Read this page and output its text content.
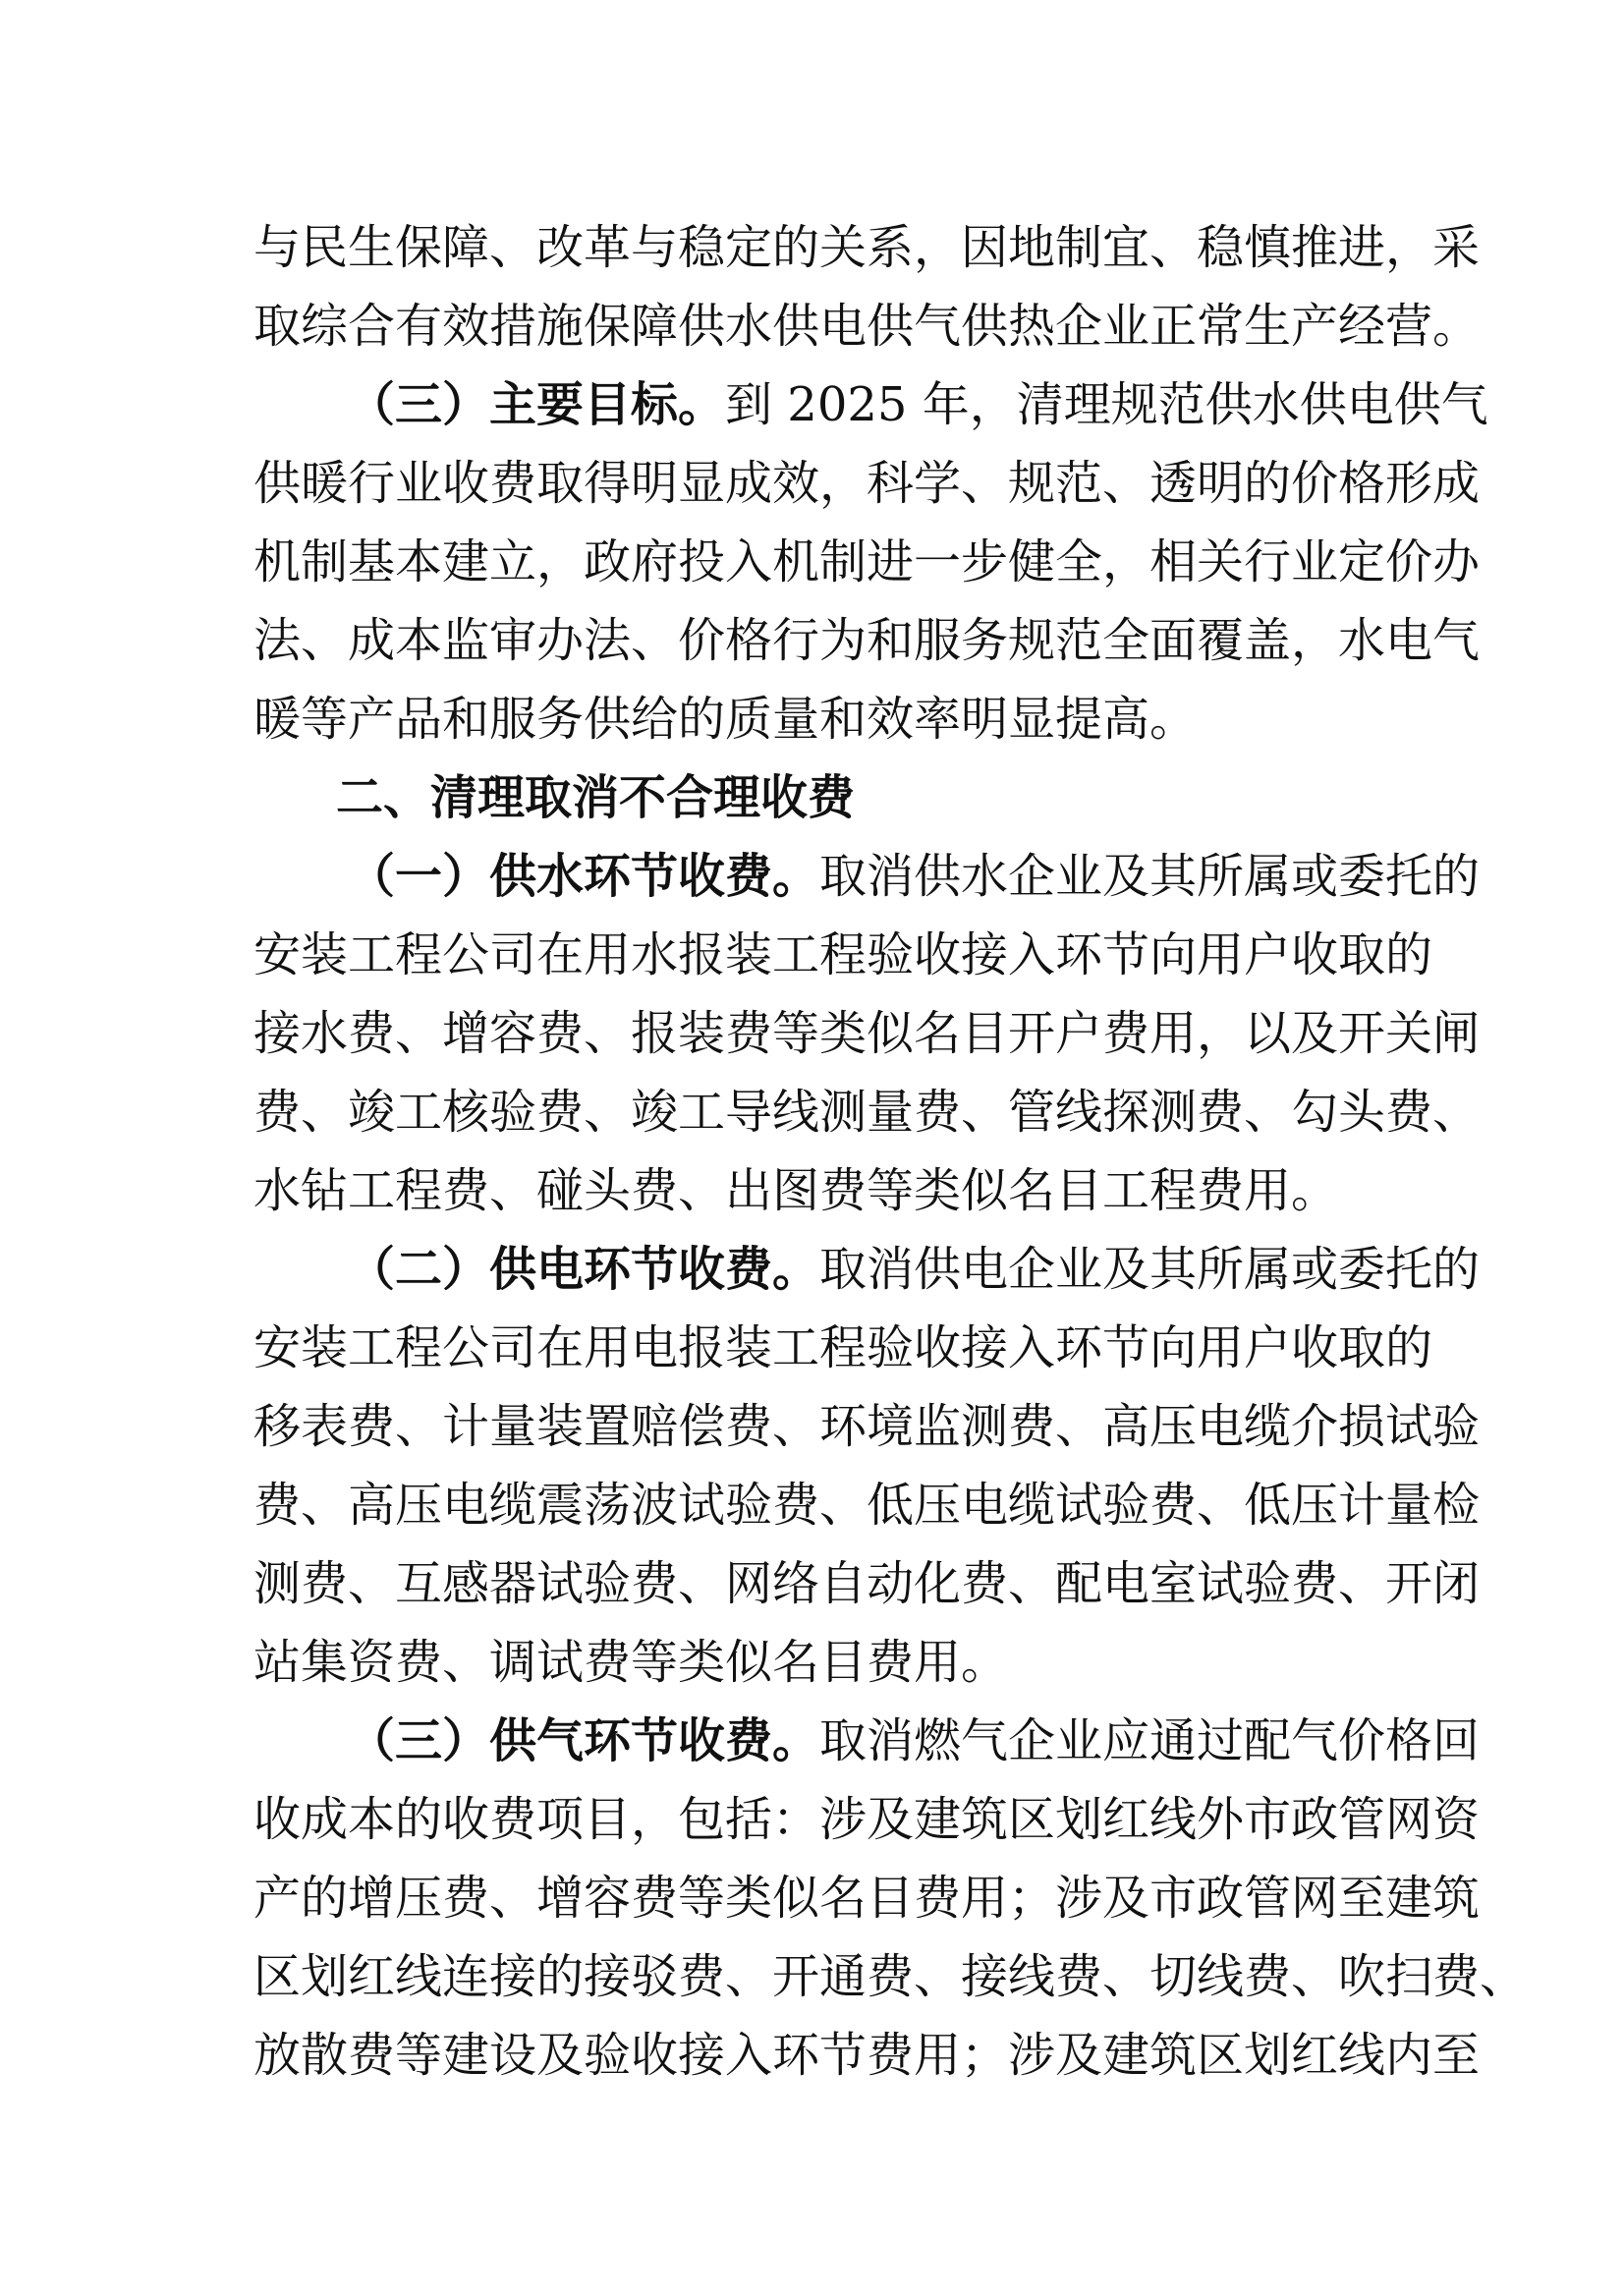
与民生保障、改革与稳定的关系，因地制宜、稳慎推进，采
取综合有效措施保障供水供电供气供热企业正常生产经营。
（三）主要目标。到 2025 年，清理规范供水供电供气
供暖行业收费取得明显成效，科学、规范、透明的价格形成
机制基本建立，政府投入机制进一步健全，相关行业定价办
法、成本监审办法、价格行为和服务规范全面覆盖，水电气
暖等产品和服务供给的质量和效率明显提高。
二、清理取消不合理收费
（一）供水环节收费。取消供水企业及其所属或委托的
安装工程公司在用水报装工程验收接入环节向用户收取的
接水费、增容费、报装费等类似名目开户费用，以及开关闸
费、竣工核验费、竣工导线测量费、管线探测费、勾头费、
水钻工程费、碰头费、出图费等类似名目工程费用。
（二）供电环节收费。取消供电企业及其所属或委托的
安装工程公司在用电报装工程验收接入环节向用户收取的
移表费、计量装置赔偿费、环境监测费、高压电缆介损试验
费、高压电缆震荡波试验费、低压电缆试验费、低压计量检
测费、互感器试验费、网络自动化费、配电室试验费、开闭
站集资费、调试费等类似名目费用。
（三）供气环节收费。取消燃气企业应通过配气价格回
收成本的收费项目，包括：涉及建筑区划红线外市政管网资
产的增压费、增容费等类似名目费用；涉及市政管网至建筑
区划红线连接的接驳费、开通费、接线费、切线费、吹扫费、
放散费等建设及验收接入环节费用；涉及建筑区划红线内至
